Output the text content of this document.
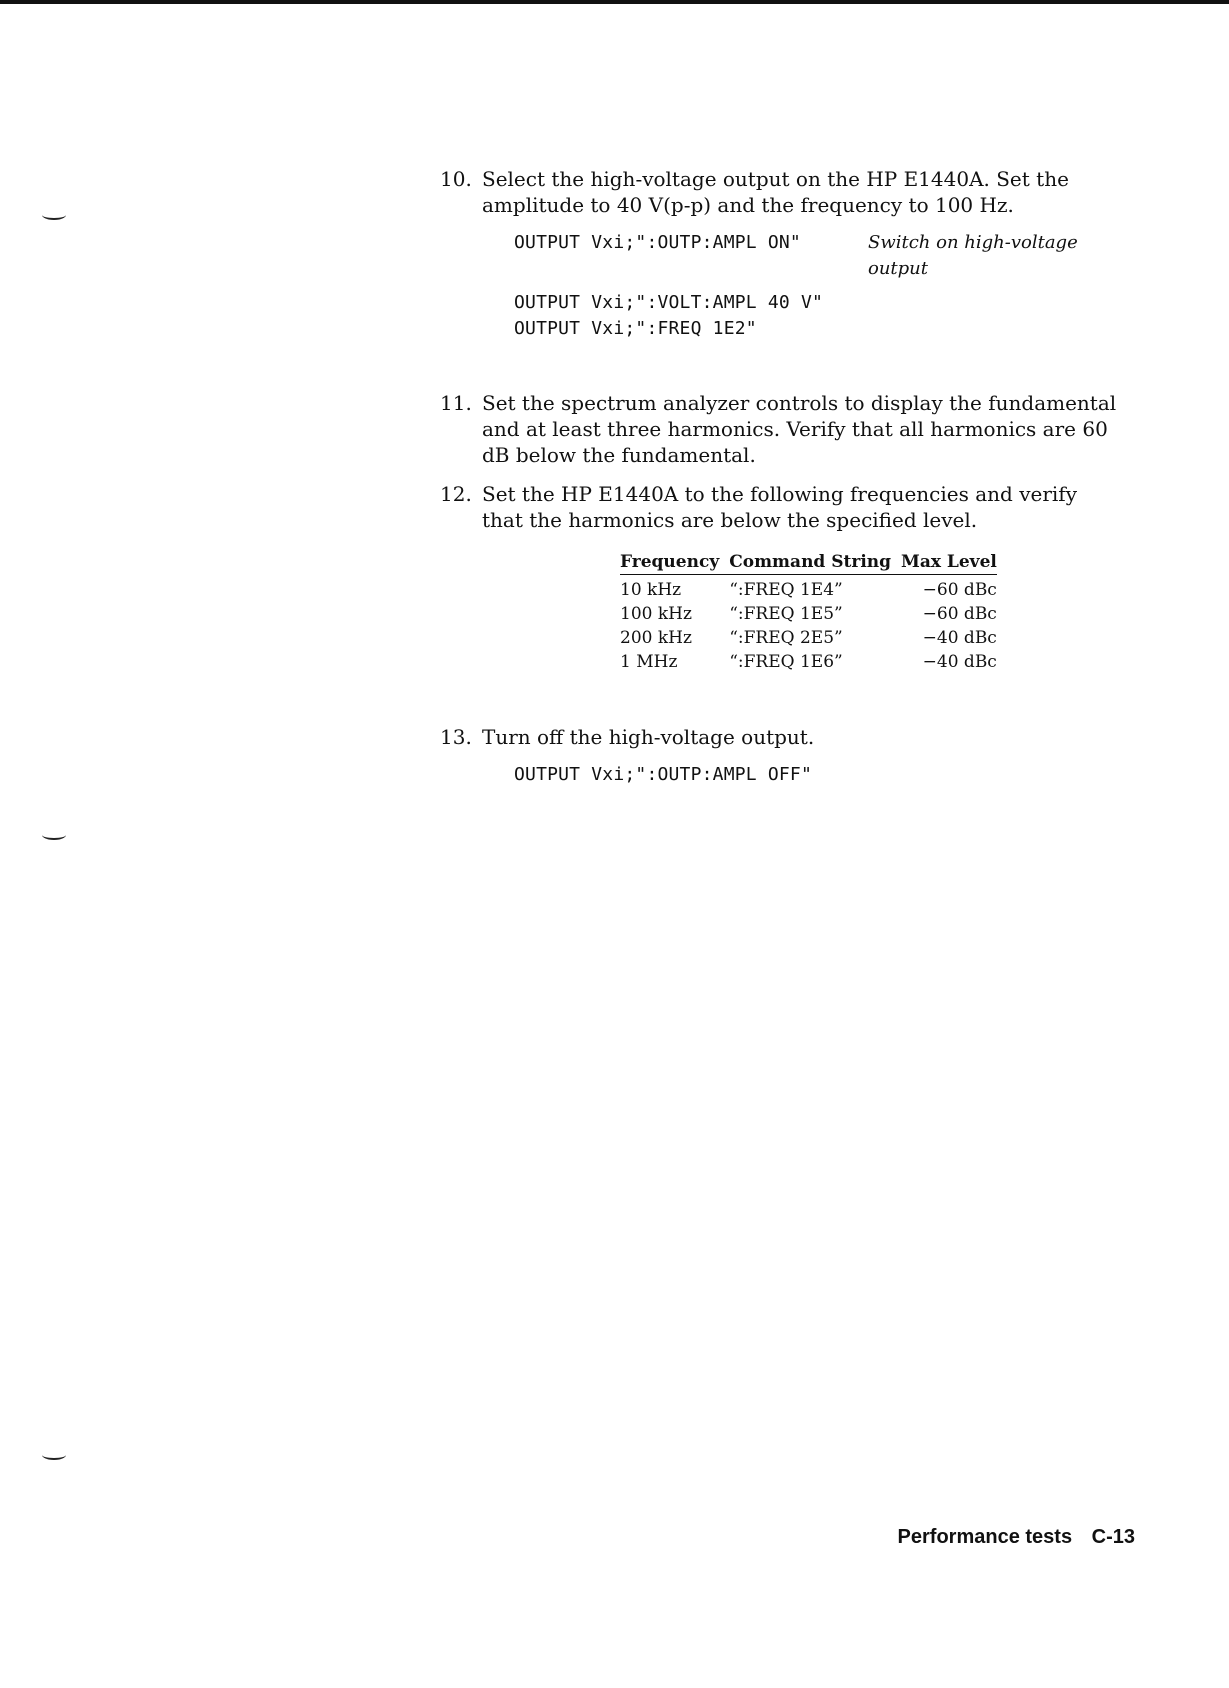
10. Select the high-voltage output on the HP E1440A. Set the amplitude to 40 V(p-p) and the frequency to 100 Hz.
OUTPUT Vxi;":OUTP:AMPL ON"	Switch on high-voltage output
OUTPUT Vxi;":VOLT:AMPL 40 V"
OUTPUT Vxi;":FREQ 1E2"
11. Set the spectrum analyzer controls to display the fundamental and at least three harmonics. Verify that all harmonics are 60 dB below the fundamental.
12. Set the HP E1440A to the following frequencies and verify that the harmonics are below the specified level.
Frequency	Command String	Max Level
10 kHz	“:FREQ 1E4”	−60 dBc
100 kHz	“:FREQ 1E5”	−60 dBc
200 kHz	“:FREQ 2E5”	−40 dBc
1 MHz	“:FREQ 1E6”	−40 dBc
13. Turn off the high-voltage output.
OUTPUT Vxi;":OUTP:AMPL OFF"
Performance tests C-13
